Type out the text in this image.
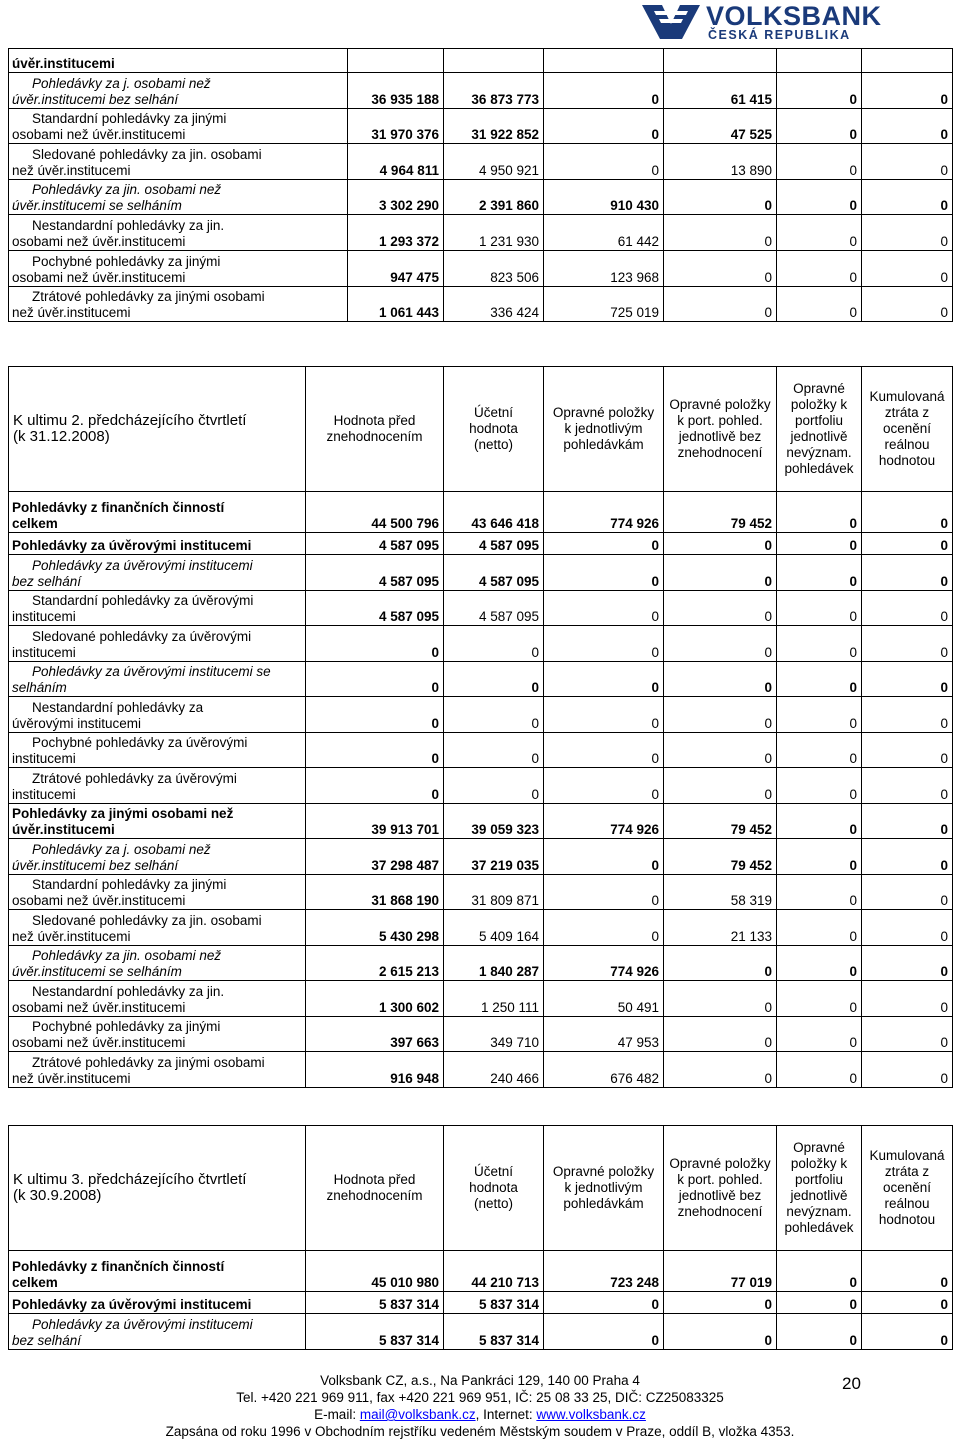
VOLKSBANK
ČESKÁ REPUBLIKA
úvěr.institucemi						

Pohledávky za j. osobami než
úvěr.institucemi bez selhání	36 935 188	36 873 773	0	61 415	0	0

Standardní pohledávky za jinými
osobami než úvěr.institucemi	31 970 376	31 922 852	0	47 525	0	0

Sledované pohledávky za jin. osobami
než úvěr.institucemi	4 964 811	4 950 921	0	13 890	0	0

Pohledávky za jin. osobami než
úvěr.institucemi se selháním	3 302 290	2 391 860	910 430	0	0	0

Nestandardní pohledávky za jin.
osobami než úvěr.institucemi	1 293 372	1 231 930	61 442	0	0	0

Pochybné pohledávky za jinými
osobami než úvěr.institucemi	947 475	823 506	123 968	0	0	0

Ztrátové pohledávky za jinými osobami
než úvěr.institucemi	1 061 443	336 424	725 019	0	0	0
K ultimu 2. předcházejícího čtvrtletí
(k 31.12.2008)	Hodnota před znehodnocením	Účetní hodnota (netto)	Opravné položky k jednotlivým pohledávkám	Opravné položky k port. pohled. jednotlivě bez znehodnocení	Opravné položky k portfoliu jednotlivě nevýznam. pohledávek	Kumulovaná ztráta z ocenění reálnou hodnotou

Pohledávky z finančních činností
celkem	44 500 796	43 646 418	774 926	79 452	0	0
Pohledávky za úvěrovými institucemi	4 587 095	4 587 095	0	0	0	0

Pohledávky za úvěrovými institucemi
bez selhání	4 587 095	4 587 095	0	0	0	0

Standardní pohledávky za úvěrovými
institucemi	4 587 095	4 587 095	0	0	0	0

Sledované pohledávky za úvěrovými
institucemi	0	0	0	0	0	0

Pohledávky za úvěrovými institucemi se
selháním	0	0	0	0	0	0

Nestandardní pohledávky za
úvěrovými institucemi	0	0	0	0	0	0

Pochybné pohledávky za úvěrovými
institucemi	0	0	0	0	0	0

Ztrátové pohledávky za úvěrovými
institucemi	0	0	0	0	0	0

Pohledávky za jinými osobami než
úvěr.institucemi	39 913 701	39 059 323	774 926	79 452	0	0

Pohledávky za j. osobami než
úvěr.institucemi bez selhání	37 298 487	37 219 035	0	79 452	0	0

Standardní pohledávky za jinými
osobami než úvěr.institucemi	31 868 190	31 809 871	0	58 319	0	0

Sledované pohledávky za jin. osobami
než úvěr.institucemi	5 430 298	5 409 164	0	21 133	0	0

Pohledávky za jin. osobami než
úvěr.institucemi se selháním	2 615 213	1 840 287	774 926	0	0	0

Nestandardní pohledávky za jin.
osobami než úvěr.institucemi	1 300 602	1 250 111	50 491	0	0	0

Pochybné pohledávky za jinými
osobami než úvěr.institucemi	397 663	349 710	47 953	0	0	0

Ztrátové pohledávky za jinými osobami
než úvěr.institucemi	916 948	240 466	676 482	0	0	0
K ultimu 3. předcházejícího čtvrtletí
(k 30.9.2008)	Hodnota před znehodnocením	Účetní hodnota (netto)	Opravné položky k jednotlivým pohledávkám	Opravné položky k port. pohled. jednotlivě bez znehodnocení	Opravné položky k portfoliu jednotlivě nevýznam. pohledávek	Kumulovaná ztráta z ocenění reálnou hodnotou

Pohledávky z finančních činností
celkem	45 010 980	44 210 713	723 248	77 019	0	0
Pohledávky za úvěrovými institucemi	5 837 314	5 837 314	0	0	0	0

Pohledávky za úvěrovými institucemi
bez selhání	5 837 314	5 837 314	0	0	0	0
Volksbank CZ, a.s., Na Pankráci 129, 140 00 Praha 4
Tel. +420 221 969 911, fax +420 221 969 951, IČ: 25 08 33 25, DIČ: CZ25083325
E-mail: mail@volksbank.cz, Internet: www.volksbank.cz
Zapsána od roku 1996 v Obchodním rejstříku vedeném Městským soudem v Praze, oddíl B, vložka 4353.
20
